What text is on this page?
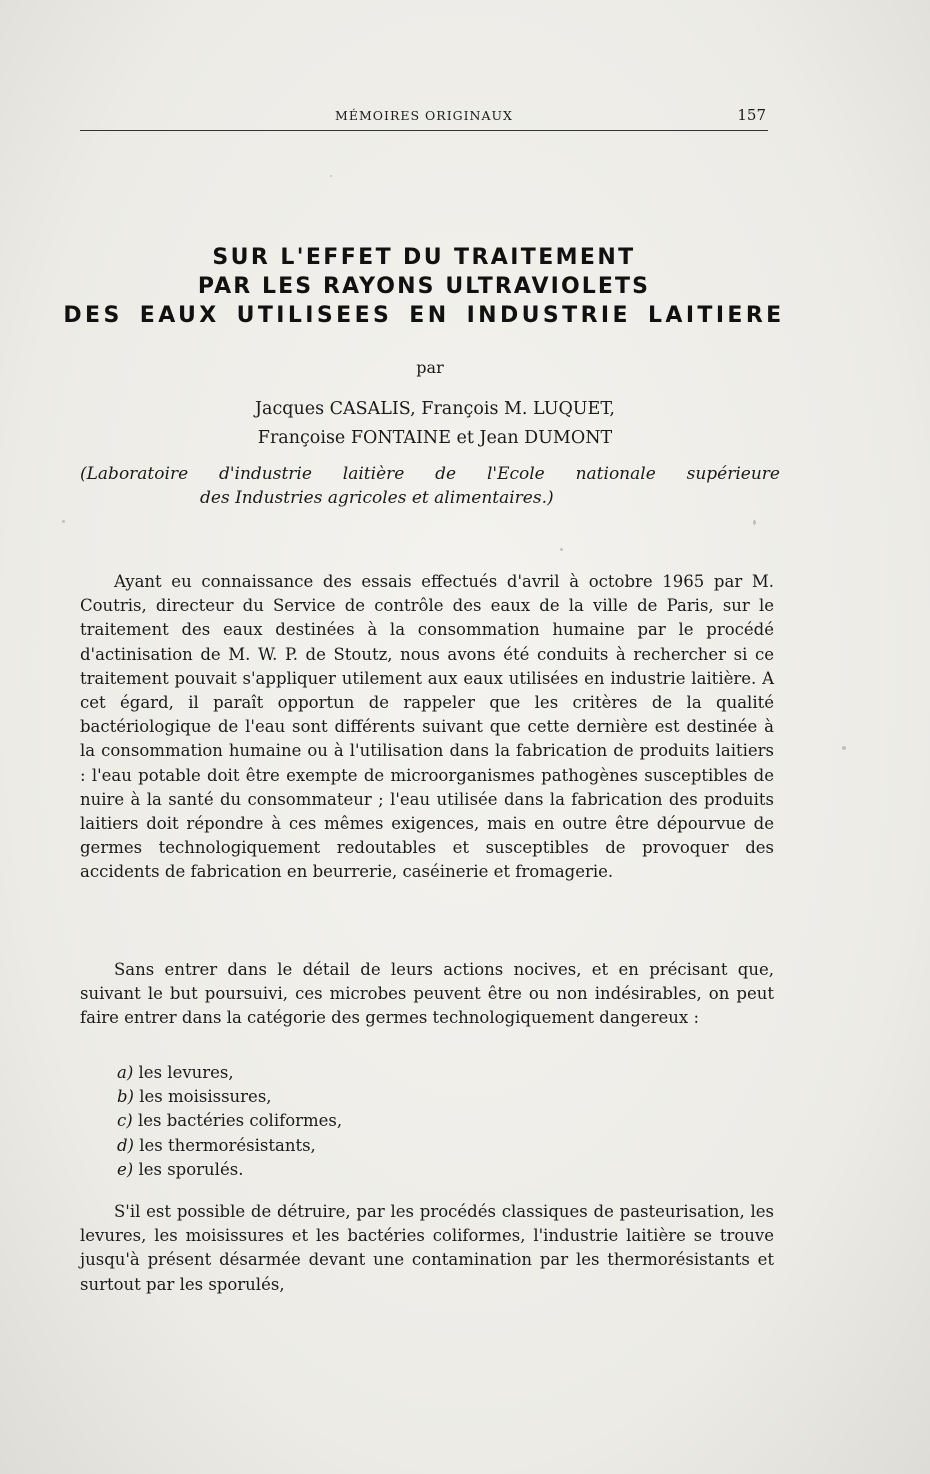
MÉMOIRES ORIGINAUX	157
SUR L'EFFET DU TRAITEMENT
PAR LES RAYONS ULTRAVIOLETS
DES EAUX UTILISEES EN INDUSTRIE LAITIERE
par
Jacques CASALIS, François M. LUQUET,
Françoise FONTAINE et Jean DUMONT
(Laboratoire d'industrie laitière de l'Ecole nationale supérieure
des Industries agricoles et alimentaires.)

Ayant eu connaissance des essais effectués d'avril à octobre 1965 par M. Coutris, directeur du Service de contrôle des eaux de la ville de Paris, sur le traitement des eaux destinées à la consommation humaine par le procédé d'actinisation de M. W. P. de Stoutz, nous avons été conduits à rechercher si ce traitement pouvait s'appliquer utilement aux eaux utilisées en industrie laitière. A cet égard, il paraît opportun de rappeler que les critères de la qualité bactériologique de l'eau sont différents suivant que cette dernière est destinée à la consommation humaine ou à l'utilisation dans la fabrication de produits laitiers : l'eau potable doit être exempte de microorganismes pathogènes susceptibles de nuire à la santé du consommateur ; l'eau utilisée dans la fabrication des produits laitiers doit répondre à ces mêmes exigences, mais en outre être dépourvue de germes technologiquement redoutables et susceptibles de provoquer des accidents de fabrication en beurrerie, caséinerie et fromagerie.

Sans entrer dans le détail de leurs actions nocives, et en précisant que, suivant le but poursuivi, ces microbes peuvent être ou non indésirables, on peut faire entrer dans la catégorie des germes technologiquement dangereux :

a) les levures,
b) les moisissures,
c) les bactéries coliformes,
d) les thermorésistants,
e) les sporulés.

S'il est possible de détruire, par les procédés classiques de pasteurisation, les levures, les moisissures et les bactéries coliformes, l'industrie laitière se trouve jusqu'à présent désarmée devant une contamination par les thermorésistants et surtout par les sporulés,
